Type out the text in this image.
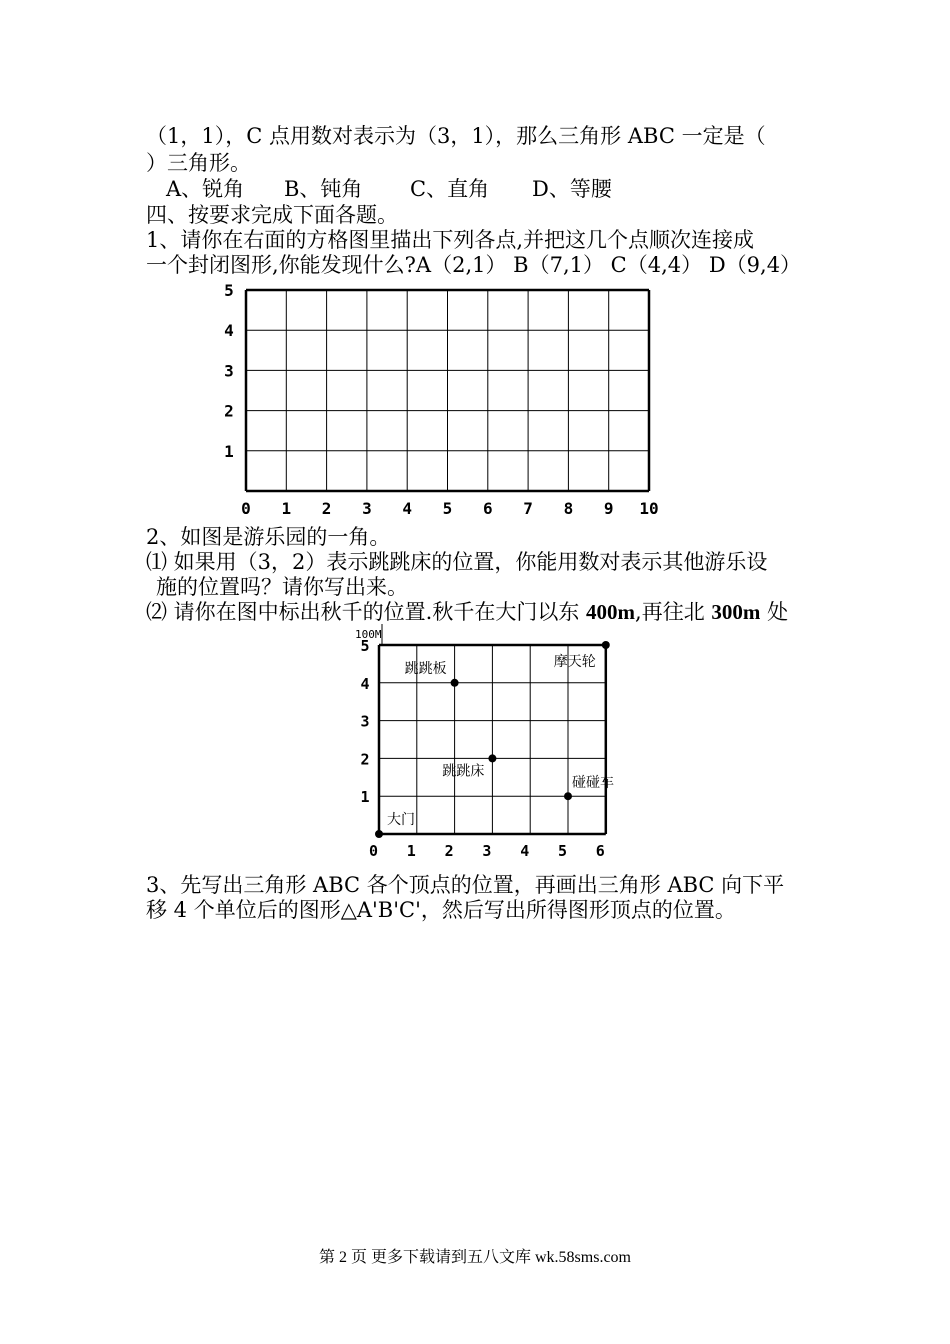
（1，1），C 点用数对表示为（3，1），那么三角形 ABC 一定是（
）三角形。
A、锐角 B、钝角 C、直角 D、等腰
四、按要求完成下面各题。
1、请你在右面的方格图里描出下列各点,并把这几个点顺次连接成
一个封闭图形,你能发现什么?A（2,1） B（7,1） C（4,4） D（9,4）
0 1 2 3 4 5 6 7 8 9 10
1
2
3
4
5
2、如图是游乐园的一角。
⑴ 如果用（3，2）表示跳跳床的位置，你能用数对表示其他游乐设
施的位置吗？请你写出来。
⑵ 请你在图中标出秋千的位置.秋千在大门以东 400m,再往北 300m 处
100M
0 1 2 3 4 5 6
1
2
3
4
5
大门
跳跳板
跳跳床
碰碰车
摩天轮
3、先写出三角形 ABC 各个顶点的位置，再画出三角形 ABC 向下平
移 4 个单位后的图形△A'B'C'，然后写出所得图形顶点的位置。
第 2 页 更多下载请到五八文库 wk.58sms.com
